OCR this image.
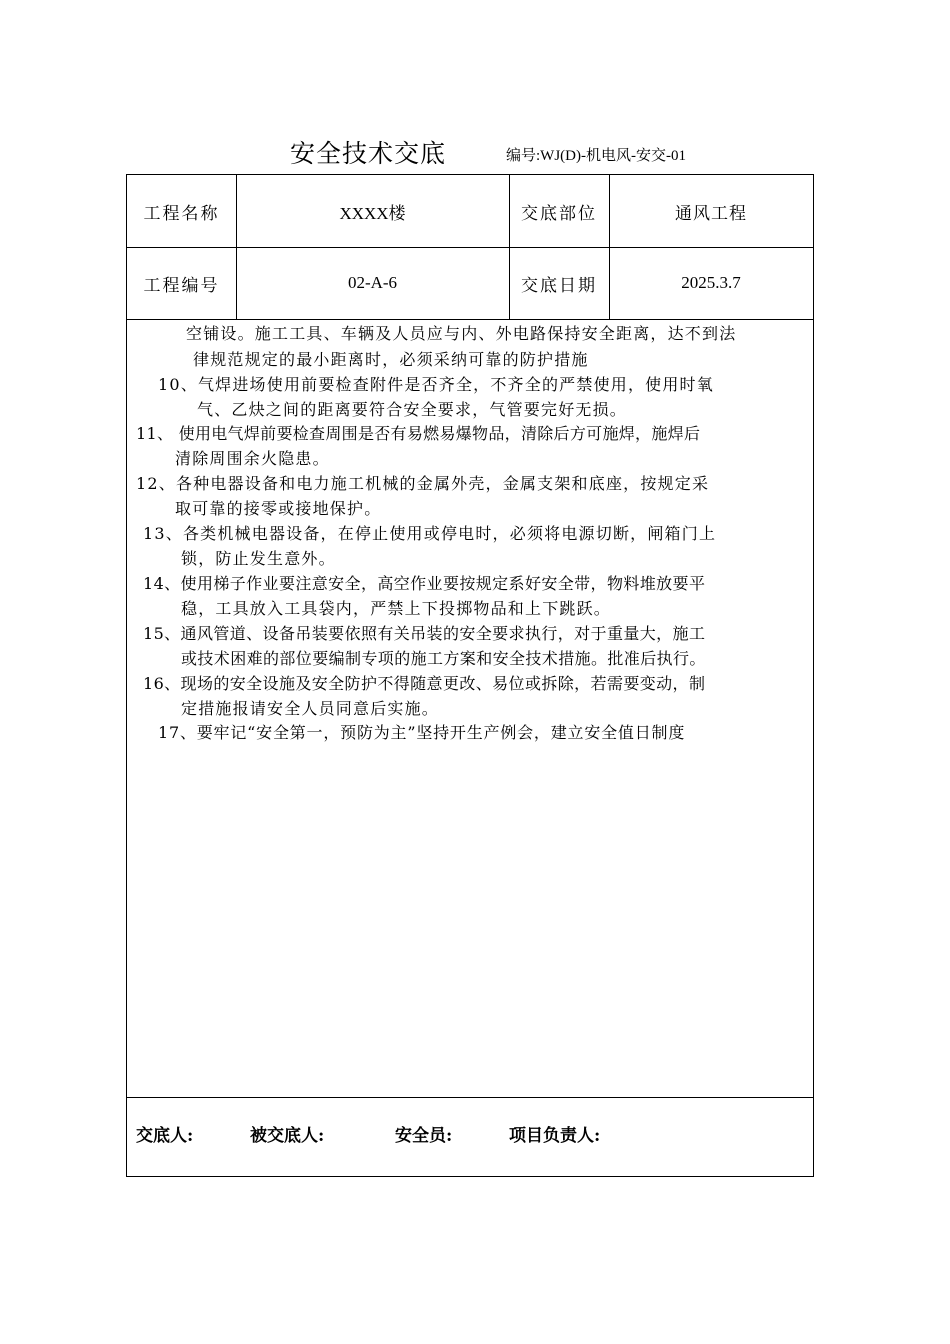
安全技术交底	编号:WJ(D)-机电风-安交-01
工程名称	XXXX楼	交底部位	通风工程
工程编号	02-A-6	交底日期	2025.3.7
空铺设。施工工具、车辆及人员应与内、外电路保持安全距离，达不到法
律规范规定的最小距离时，必须采纳可靠的防护措施
10、气焊进场使用前要检查附件是否齐全，不齐全的严禁使用，使用时氧
气、乙炔之间的距离要符合安全要求，气管要完好无损。
11、 使用电气焊前要检查周围是否有易燃易爆物品，清除后方可施焊，施焊后
清除周围余火隐患。
12、各种电器设备和电力施工机械的金属外壳，金属支架和底座，按规定采
取可靠的接零或接地保护。
13、各类机械电器设备，在停止使用或停电时，必须将电源切断，闸箱门上
锁，防止发生意外。
14、使用梯子作业要注意安全，高空作业要按规定系好安全带，物料堆放要平
稳，工具放入工具袋内，严禁上下投掷物品和上下跳跃。
15、通风管道、设备吊装要依照有关吊装的安全要求执行，对于重量大，施工
或技术困难的部位要编制专项的施工方案和安全技术措施。批准后执行。
16、现场的安全设施及安全防护不得随意更改、易位或拆除，若需要变动，制
定措施报请安全人员同意后实施。
17、要牢记“安全第一，预防为主”坚持开生产例会，建立安全值日制度
交底人:	被交底人:	安全员:	项目负责人:
